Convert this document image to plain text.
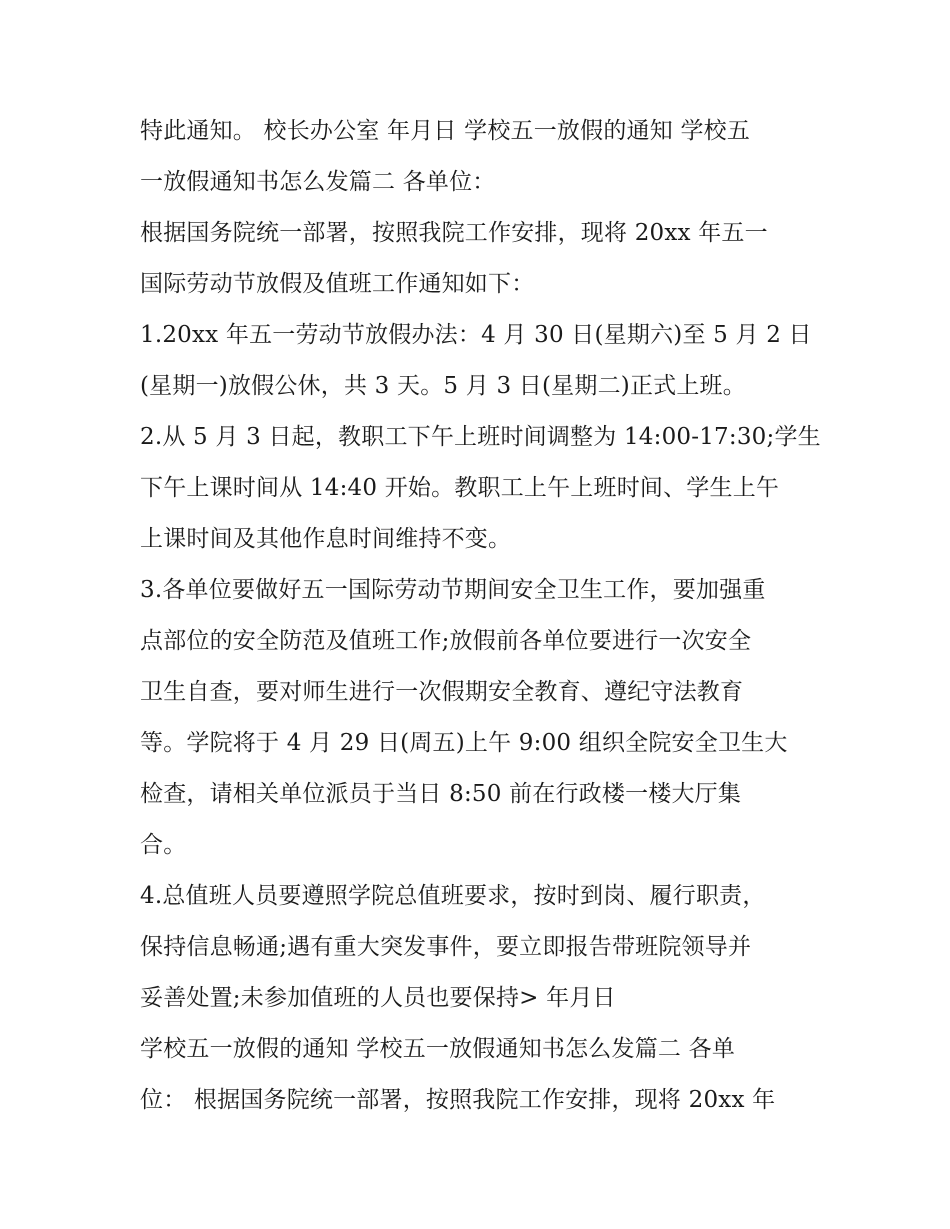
特此通知。 校长办公室 年月日 学校五一放假的通知 学校五
一放假通知书怎么发篇二 各单位：
根据国务院统一部署，按照我院工作安排，现将 20xx 年五一
国际劳动节放假及值班工作通知如下：
1.20xx 年五一劳动节放假办法：4 月 30 日(星期六)至 5 月 2 日
(星期一)放假公休，共 3 天。5 月 3 日(星期二)正式上班。
2.从 5 月 3 日起，教职工下午上班时间调整为 14:00-17:30;学生
下午上课时间从 14:40 开始。教职工上午上班时间、学生上午
上课时间及其他作息时间维持不变。
3.各单位要做好五一国际劳动节期间安全卫生工作，要加强重
点部位的安全防范及值班工作;放假前各单位要进行一次安全
卫生自查，要对师生进行一次假期安全教育、遵纪守法教育
等。学院将于 4 月 29 日(周五)上午 9:00 组织全院安全卫生大
检查，请相关单位派员于当日 8:50 前在行政楼一楼大厅集
合。
4.总值班人员要遵照学院总值班要求，按时到岗、履行职责，
保持信息畅通;遇有重大突发事件，要立即报告带班院领导并
妥善处置;未参加值班的人员也要保持> 年月日
学校五一放假的通知 学校五一放假通知书怎么发篇二 各单
位： 根据国务院统一部署，按照我院工作安排，现将 20xx 年
